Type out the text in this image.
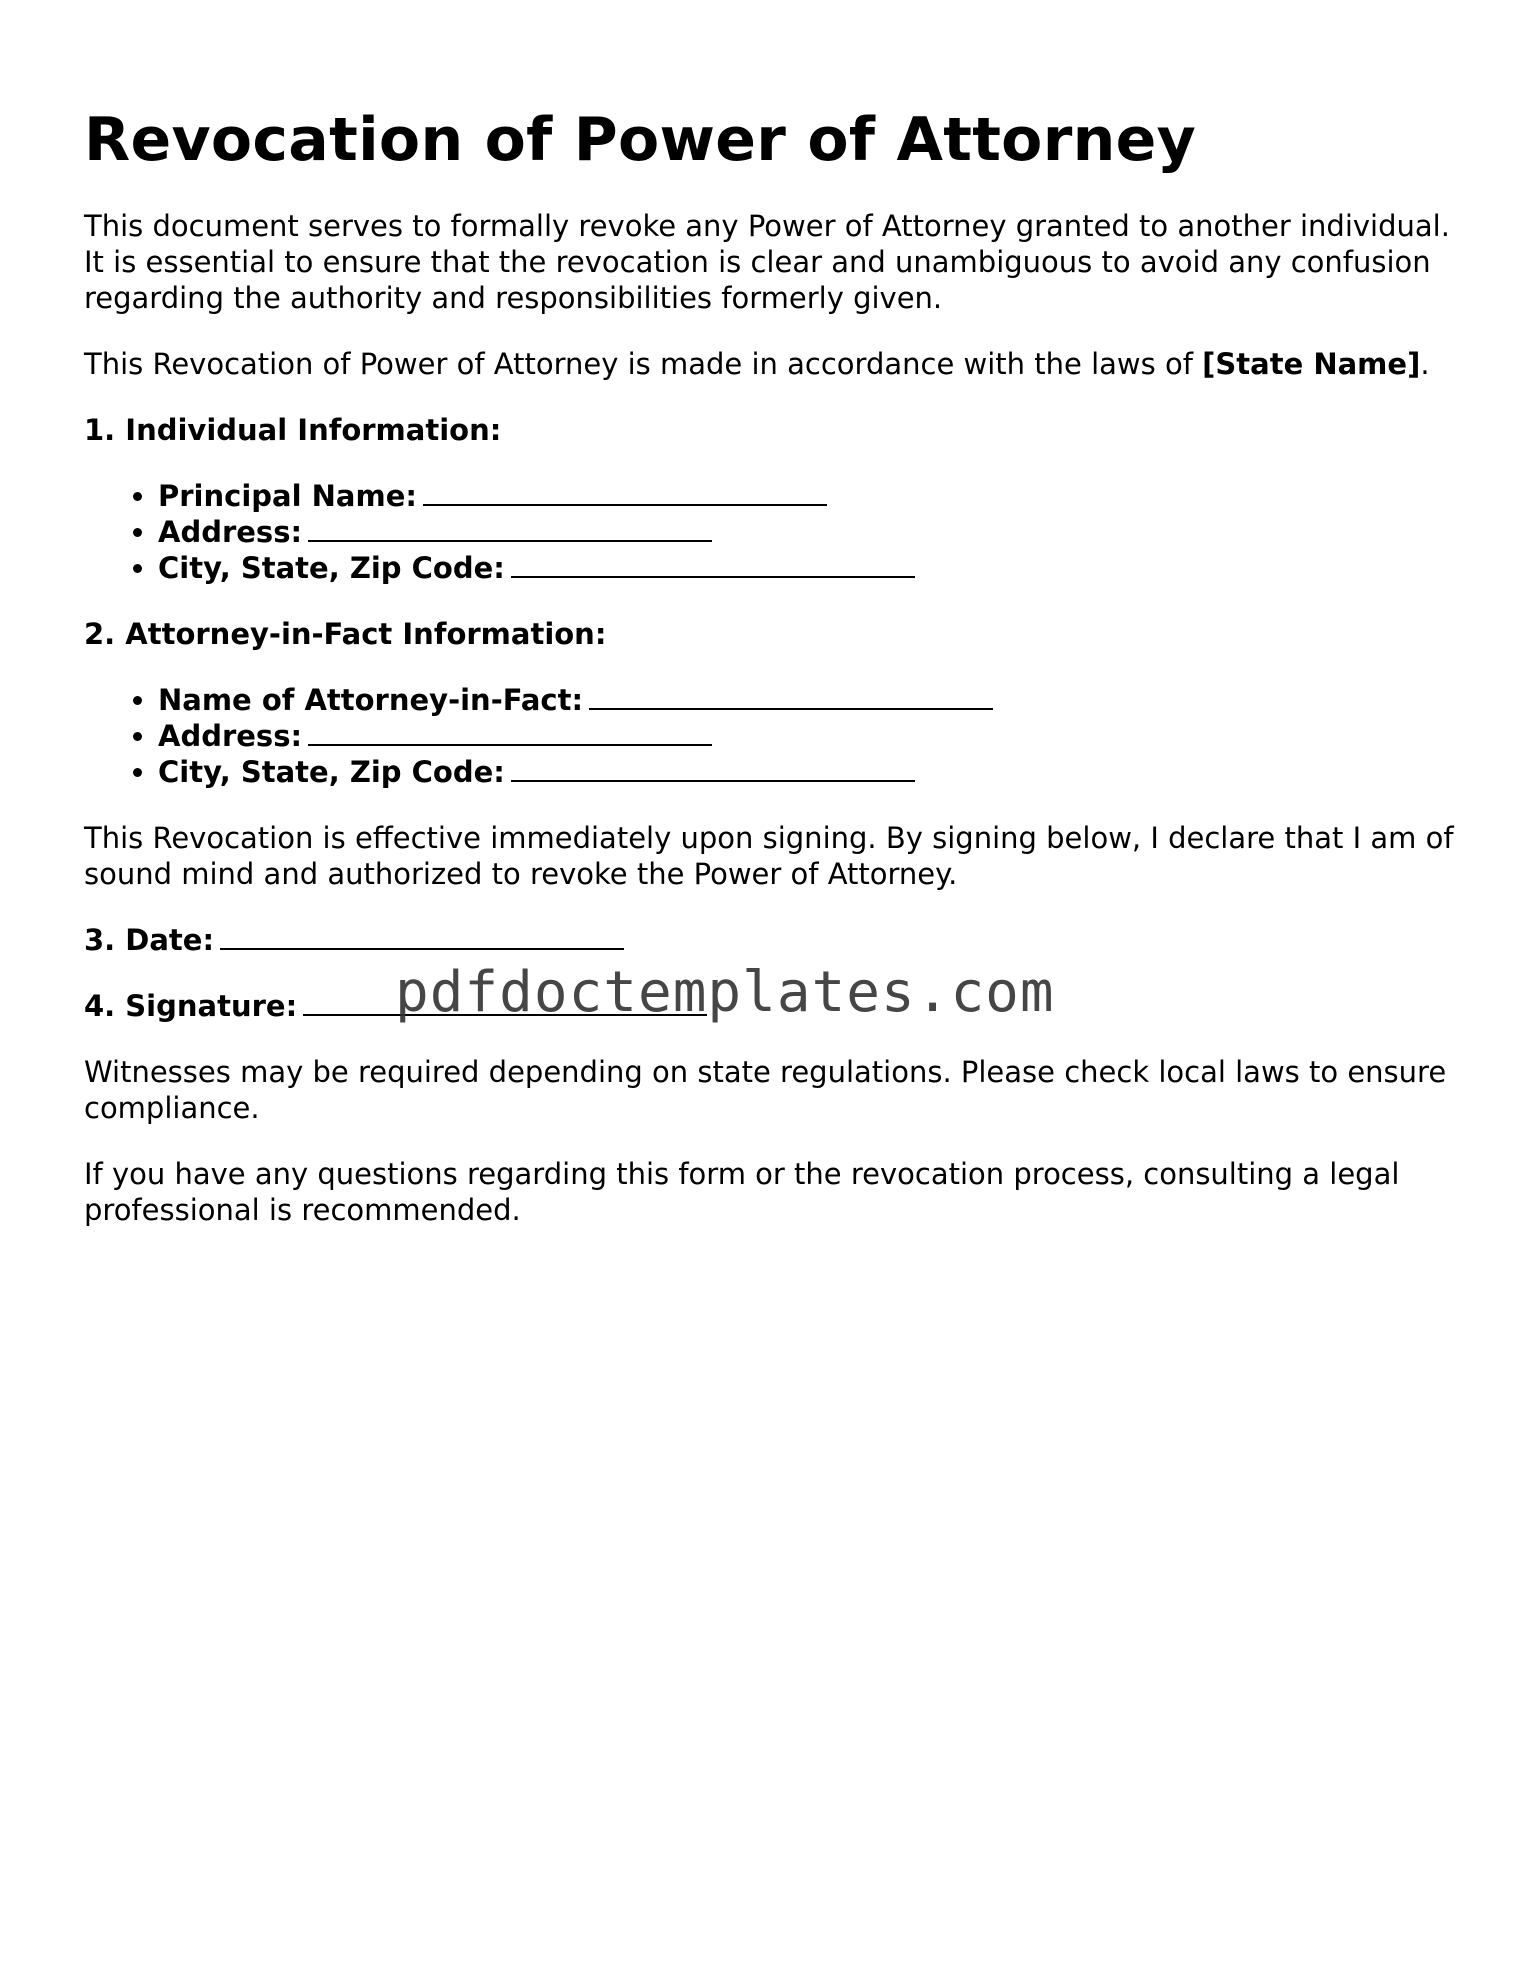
Revocation of Power of Attorney

This document serves to formally revoke any Power of Attorney granted to another individual. It is essential to ensure that the revocation is clear and unambiguous to avoid any confusion regarding the authority and responsibilities formerly given.

This Revocation of Power of Attorney is made in accordance with the laws of [State Name].

1. Individual Information:
• Principal Name:
• Address:
• City, State, Zip Code:
2. Attorney-in-Fact Information:
• Name of Attorney-in-Fact:
• Address:
• City, State, Zip Code:

This Revocation is effective immediately upon signing. By signing below, I declare that I am of sound mind and authorized to revoke the Power of Attorney.

3. Date:
4. Signature:

Witnesses may be required depending on state regulations. Please check local laws to ensure compliance.

If you have any questions regarding this form or the revocation process, consulting a legal professional is recommended.

pdfdoctemplates.com
